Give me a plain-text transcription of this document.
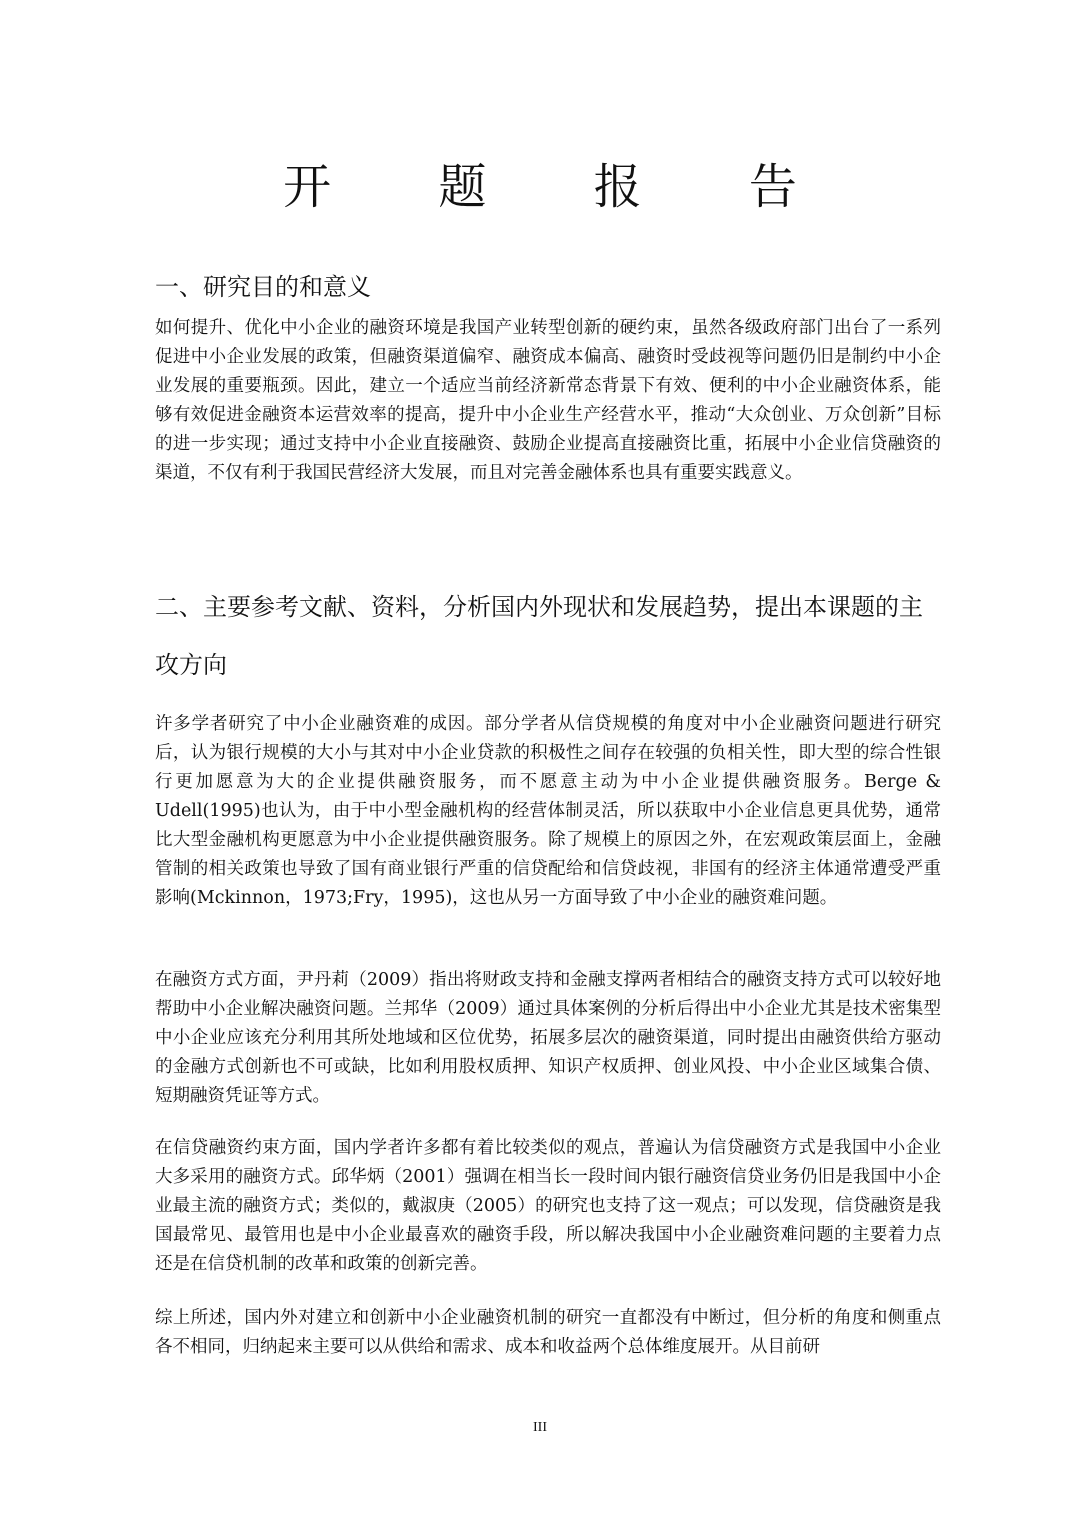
开 题 报 告
一、研究目的和意义

如何提升、优化中小企业的融资环境是我国产业转型创新的硬约束，虽然各级政府部门出台了一系列促进中小企业发展的政策，但融资渠道偏窄、融资成本偏高、融资时受歧视等问题仍旧是制约中小企业发展的重要瓶颈。因此，建立一个适应当前经济新常态背景下有效、便利的中小企业融资体系，能够有效促进金融资本运营效率的提高，提升中小企业生产经营水平，推动“大众创业、万众创新”目标的进一步实现；通过支持中小企业直接融资、鼓励企业提高直接融资比重，拓展中小企业信贷融资的渠道，不仅有利于我国民营经济大发展，而且对完善金融体系也具有重要实践意义。

二、主要参考文献、资料，分析国内外现状和发展趋势，提出本课题的主攻方向

许多学者研究了中小企业融资难的成因。部分学者从信贷规模的角度对中小企业融资问题进行研究后，认为银行规模的大小与其对中小企业贷款的积极性之间存在较强的负相关性，即大型的综合性银行更加愿意为大的企业提供融资服务，而不愿意主动为中小企业提供融资服务。Berge & Udell(1995)也认为，由于中小型金融机构的经营体制灵活，所以获取中小企业信息更具优势，通常比大型金融机构更愿意为中小企业提供融资服务。除了规模上的原因之外，在宏观政策层面上，金融管制的相关政策也导致了国有商业银行严重的信贷配给和信贷歧视，非国有的经济主体通常遭受严重影响(Mckinnon，1973;Fry，1995)，这也从另一方面导致了中小企业的融资难问题。

在融资方式方面，尹丹莉（2009）指出将财政支持和金融支撑两者相结合的融资支持方式可以较好地帮助中小企业解决融资问题。兰邦华（2009）通过具体案例的分析后得出中小企业尤其是技术密集型中小企业应该充分利用其所处地域和区位优势，拓展多层次的融资渠道，同时提出由融资供给方驱动的金融方式创新也不可或缺，比如利用股权质押、知识产权质押、创业风投、中小企业区域集合债、短期融资凭证等方式。

在信贷融资约束方面，国内学者许多都有着比较类似的观点，普遍认为信贷融资方式是我国中小企业大多采用的融资方式。邱华炳（2001）强调在相当长一段时间内银行融资信贷业务仍旧是我国中小企业最主流的融资方式；类似的，戴淑庚（2005）的研究也支持了这一观点；可以发现，信贷融资是我国最常见、最管用也是中小企业最喜欢的融资手段，所以解决我国中小企业融资难问题的主要着力点还是在信贷机制的改革和政策的创新完善。

综上所述，国内外对建立和创新中小企业融资机制的研究一直都没有中断过，但分析的角度和侧重点各不相同，归纳起来主要可以从供给和需求、成本和收益两个总体维度展开。从目前研

III
